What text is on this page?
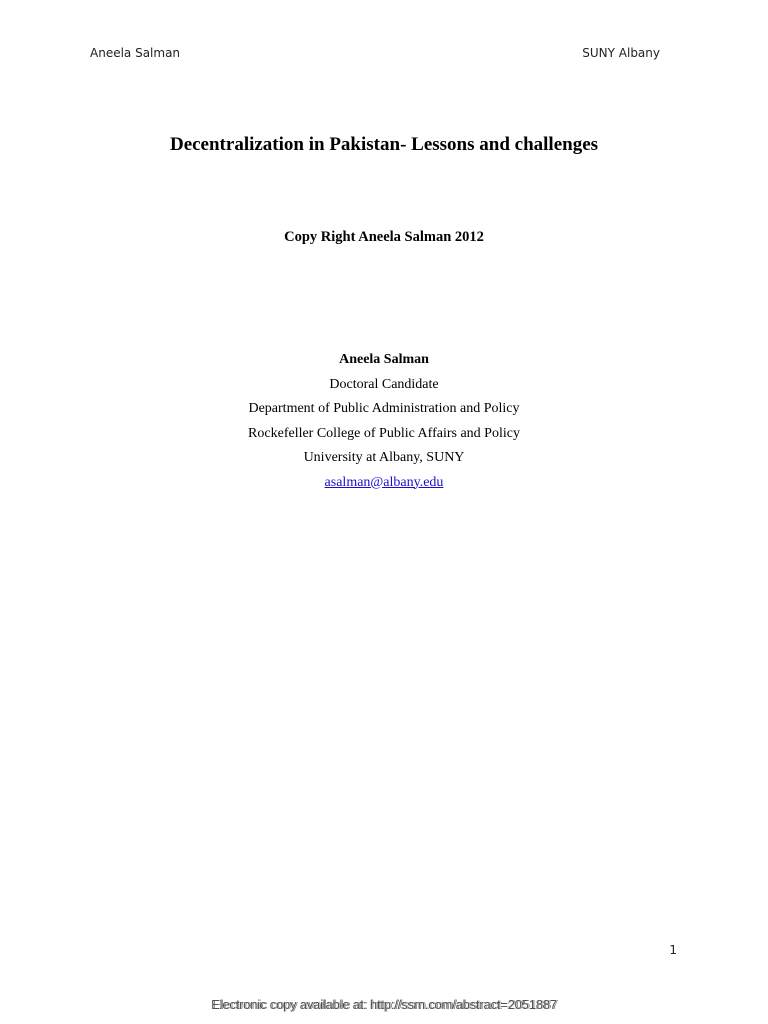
Aneela Salman	SUNY Albany
Decentralization in Pakistan- Lessons and challenges
Copy Right Aneela Salman 2012
Aneela Salman
Doctoral Candidate
Department of Public Administration and Policy
Rockefeller College of Public Affairs and Policy
University at Albany, SUNY
asalman@albany.edu
1
Electronic copy available at: http://ssrn.com/abstract=2051887
